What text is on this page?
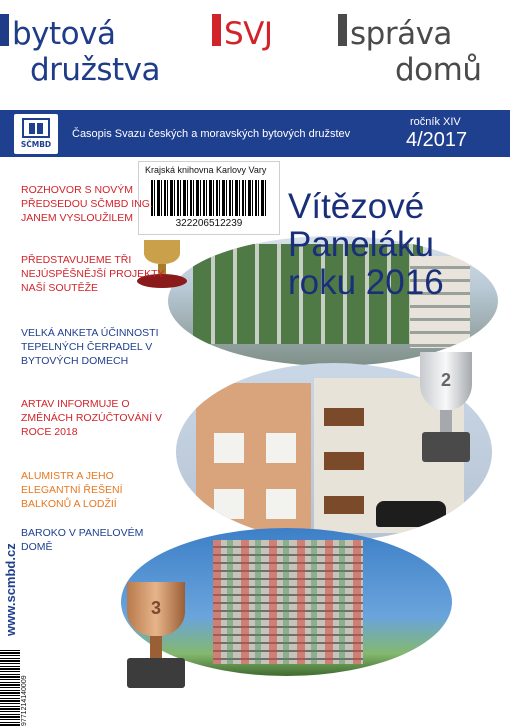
bytová
družstva
SVJ správa
domů
SČMBD
Časopis Svazu českých a moravských bytových družstev
ročník XIV
4/2017
Krajská knihovna Karlovy Vary
322206512239	Vítězové
Paneláku
roku 2016
2
3
ROZHOVOR S NOVÝM PŘEDSEDOU SČMBD ING. JANEM VYSLOUŽILEM
PŘEDSTAVUJEME TŘI NEJÚSPĚŠNĚJŠÍ PROJEKTY NAŠÍ SOUTĚŽE
VELKÁ ANKETA ÚČINNOSTI TEPELNÝCH ČERPADEL V BYTOVÝCH DOMECH
ARTAV INFORMUJE O ZMĚNÁCH ROZÚČTOVÁNÍ V ROCE 2018
ALUMISTR A JEHO ELEGANTNÍ ŘEŠENÍ BALKONŮ A LODŽIÍ
BAROKO V PANELOVÉM DOMĚ
www.scmbd.cz
9771214140009
